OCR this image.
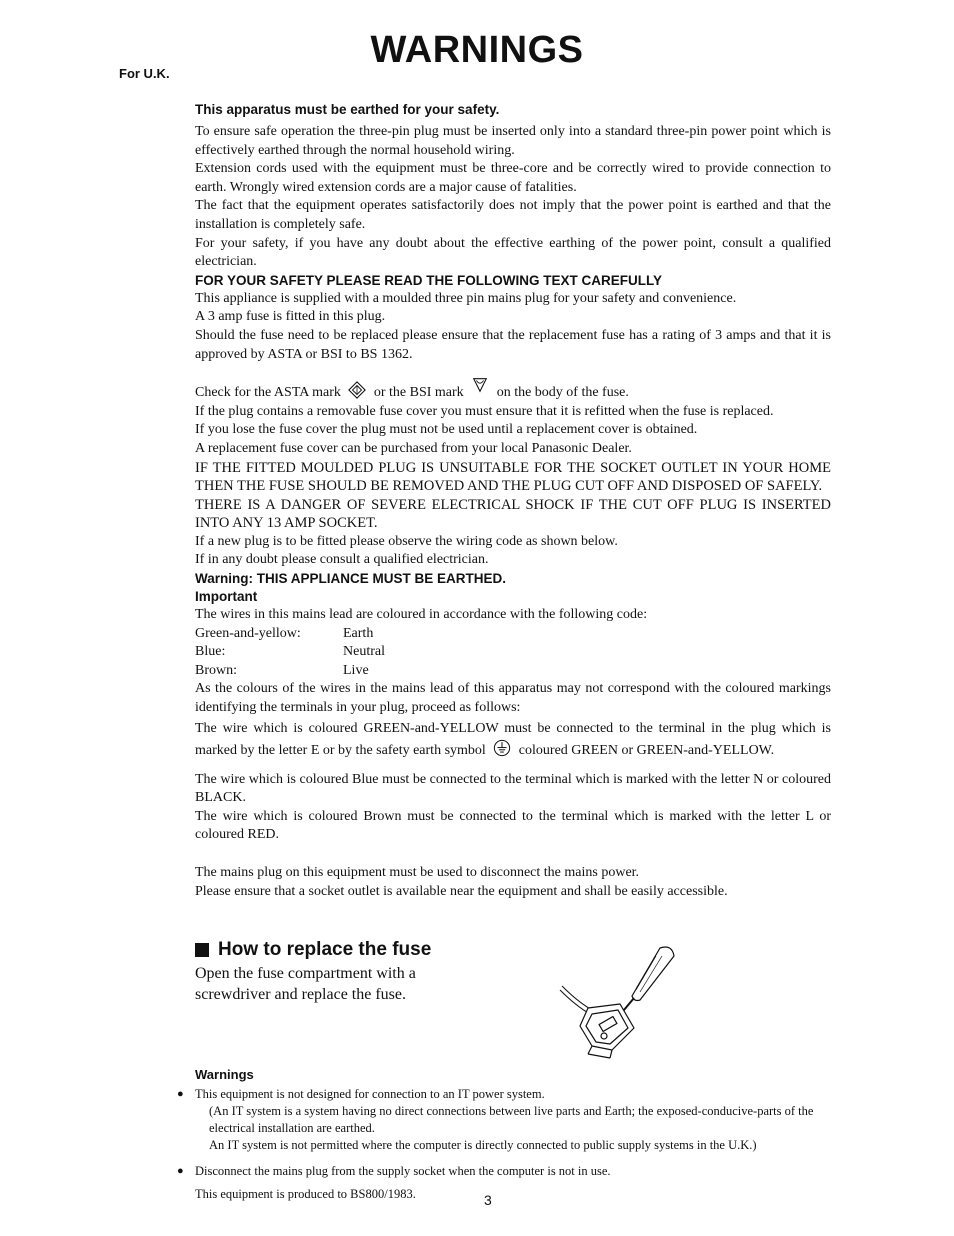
WARNINGS
For U.K.

This apparatus must be earthed for your safety.

To ensure safe operation the three-pin plug must be inserted only into a standard three-pin power point which is effectively earthed through the normal household wiring.

Extension cords used with the equipment must be three-core and be correctly wired to provide connection to earth. Wrongly wired extension cords are a major cause of fatalities.

The fact that the equipment operates satisfactorily does not imply that the power point is earthed and that the installation is completely safe.

For your safety, if you have any doubt about the effective earthing of the power point, consult a qualified electrician.

FOR YOUR SAFETY PLEASE READ THE FOLLOWING TEXT CAREFULLY

This appliance is supplied with a moulded three pin mains plug for your safety and convenience.

A 3 amp fuse is fitted in this plug.

Should the fuse need to be replaced please ensure that the replacement fuse has a rating of 3 amps and that it is approved by ASTA or BSI to BS 1362.

Check for the ASTA mark or the BSI mark on the body of the fuse.

If the plug contains a removable fuse cover you must ensure that it is refitted when the fuse is replaced.

If you lose the fuse cover the plug must not be used until a replacement cover is obtained.

A replacement fuse cover can be purchased from your local Panasonic Dealer.

IF THE FITTED MOULDED PLUG IS UNSUITABLE FOR THE SOCKET OUTLET IN YOUR HOME THEN THE FUSE SHOULD BE REMOVED AND THE PLUG CUT OFF AND DISPOSED OF SAFELY.

THERE IS A DANGER OF SEVERE ELECTRICAL SHOCK IF THE CUT OFF PLUG IS INSERTED INTO ANY 13 AMP SOCKET.

If a new plug is to be fitted please observe the wiring code as shown below.

If in any doubt please consult a qualified electrician.

Warning: THIS APPLIANCE MUST BE EARTHED.

Important

The wires in this mains lead are coloured in accordance with the following code:

Green-and-yellow:	Earth
Blue:	Neutral
Brown:	Live

As the colours of the wires in the mains lead of this apparatus may not correspond with the coloured markings identifying the terminals in your plug, proceed as follows:

The wire which is coloured GREEN-and-YELLOW must be connected to the terminal in the plug which is marked by the letter E or by the safety earth symbol coloured GREEN or GREEN-and-YELLOW.

The wire which is coloured Blue must be connected to the terminal which is marked with the letter N or coloured BLACK.

The wire which is coloured Brown must be connected to the terminal which is marked with the letter L or coloured RED.

The mains plug on this equipment must be used to disconnect the mains power.

Please ensure that a socket outlet is available near the equipment and shall be easily accessible.

How to replace the fuse
Open the fuse compartment with a screwdriver and replace the fuse.
Warnings
● This equipment is not designed for connection to an IT power system.
(An IT system is a system having no direct connections between live parts and Earth; the exposed-conducive-parts of the electrical installation are earthed.
An IT system is not permitted where the computer is directly connected to public supply systems in the U.K.)
● Disconnect the mains plug from the supply socket when the computer is not in use.
This equipment is produced to BS800/1983.	3
